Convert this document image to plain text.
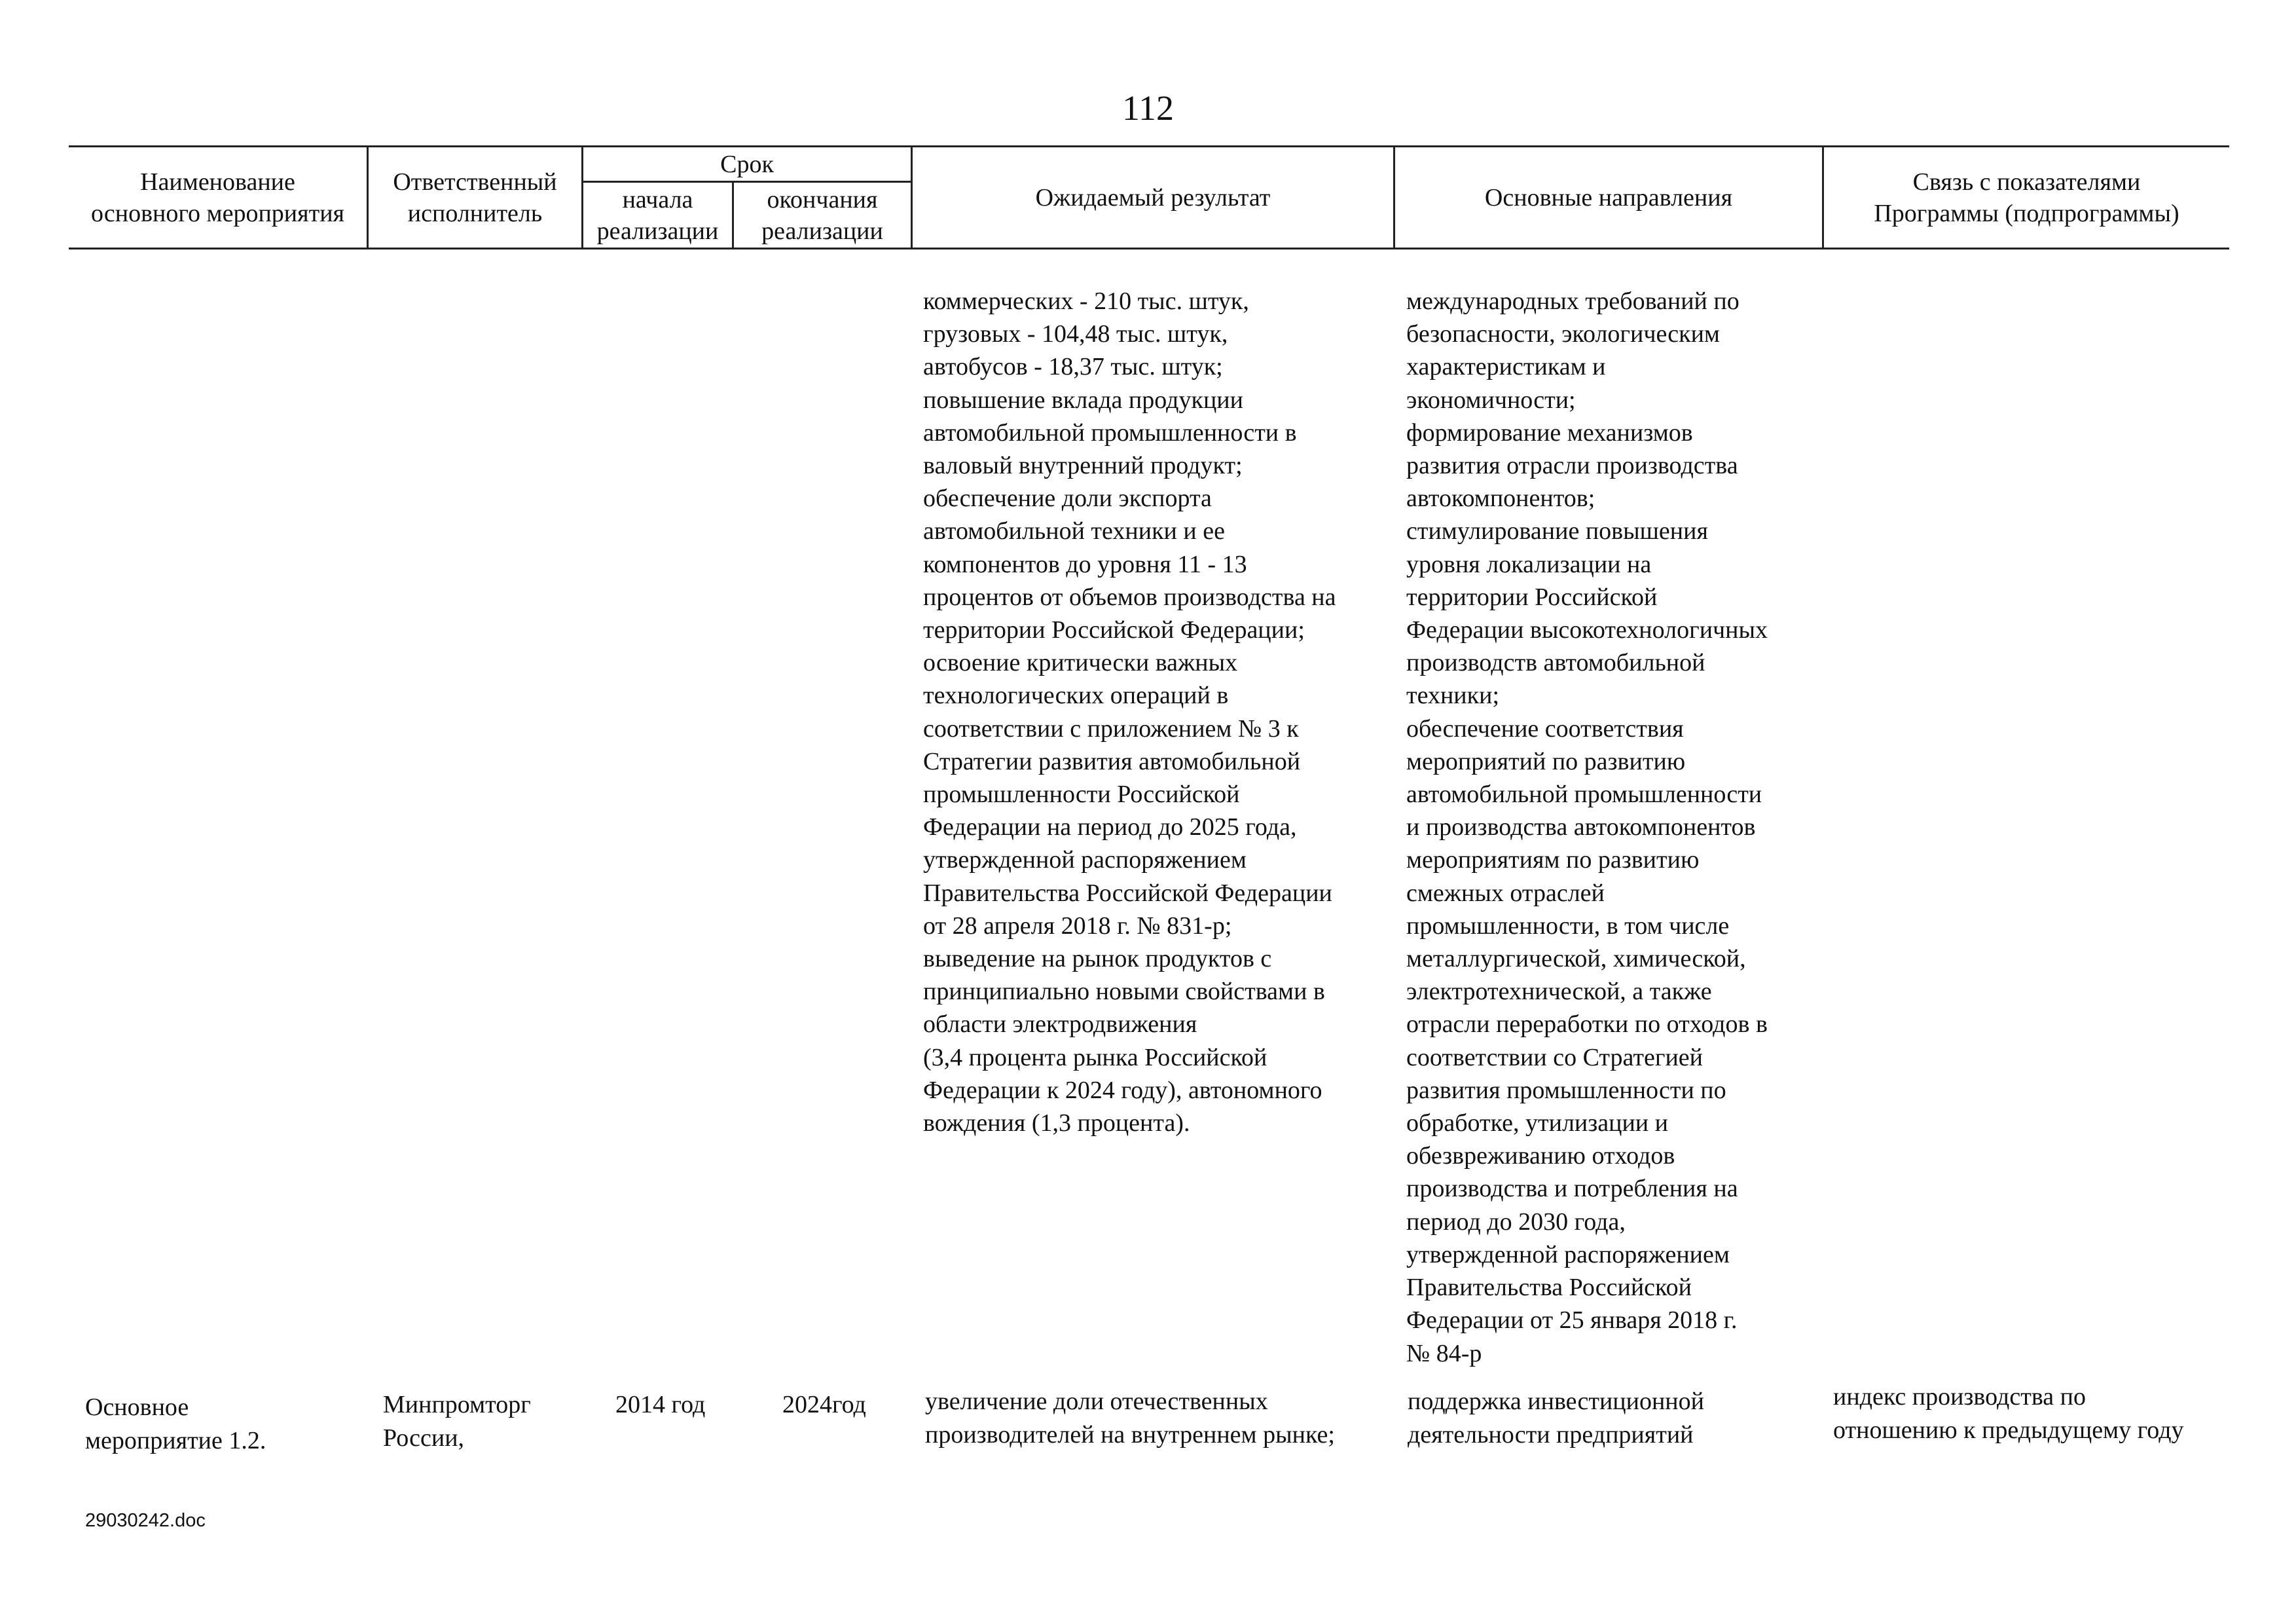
112
Наименование
основного мероприятия
Ответственный
исполнитель
Срок
начала
реализации
окончания
реализации
Ожидаемый результат	Основные направления
Связь с показателями
Программы (подпрограммы)
коммерческих - 210 тыс. штук,
грузовых - 104,48 тыс. штук,
автобусов - 18,37 тыс. штук;
повышение вклада продукции
автомобильной промышленности в
валовый внутренний продукт;
обеспечение доли экспорта
автомобильной техники и ее
компонентов до уровня 11 - 13
процентов от объемов производства на
территории Российской Федерации;
освоение критически важных
технологических операций в
соответствии с приложением № 3 к
Стратегии развития автомобильной
промышленности Российской
Федерации на период до 2025 года,
утвержденной распоряжением
Правительства Российской Федерации
от 28 апреля 2018 г. № 831-р;
выведение на рынок продуктов с
принципиально новыми свойствами в
области электродвижения
(3,4 процента рынка Российской
Федерации к 2024 году), автономного
вождения (1,3 процента).
международных требований по
безопасности, экологическим
характеристикам и
экономичности;
формирование механизмов
развития отрасли производства
автокомпонентов;
стимулирование повышения
уровня локализации на
территории Российской
Федерации высокотехнологичных
производств автомобильной
техники;
обеспечение соответствия
мероприятий по развитию
автомобильной промышленности
и производства автокомпонентов
мероприятиям по развитию
смежных отраслей
промышленности, в том числе
металлургической, химической,
электротехнической, а также
отрасли переработки по отходов в
соответствии со Стратегией
развития промышленности по
обработке, утилизации и
обезвреживанию отходов
производства и потребления на
период до 2030 года,
утвержденной распоряжением
Правительства Российской
Федерации от 25 января 2018 г.
№ 84-р
Основное
мероприятие 1.2.
Минпромторг
России,
2014 год	2024год увеличение доли отечественных
производителей на внутреннем рынке;
поддержка инвестиционной
деятельности предприятий
индекс производства по
отношению к предыдущему году
29030242.doc
